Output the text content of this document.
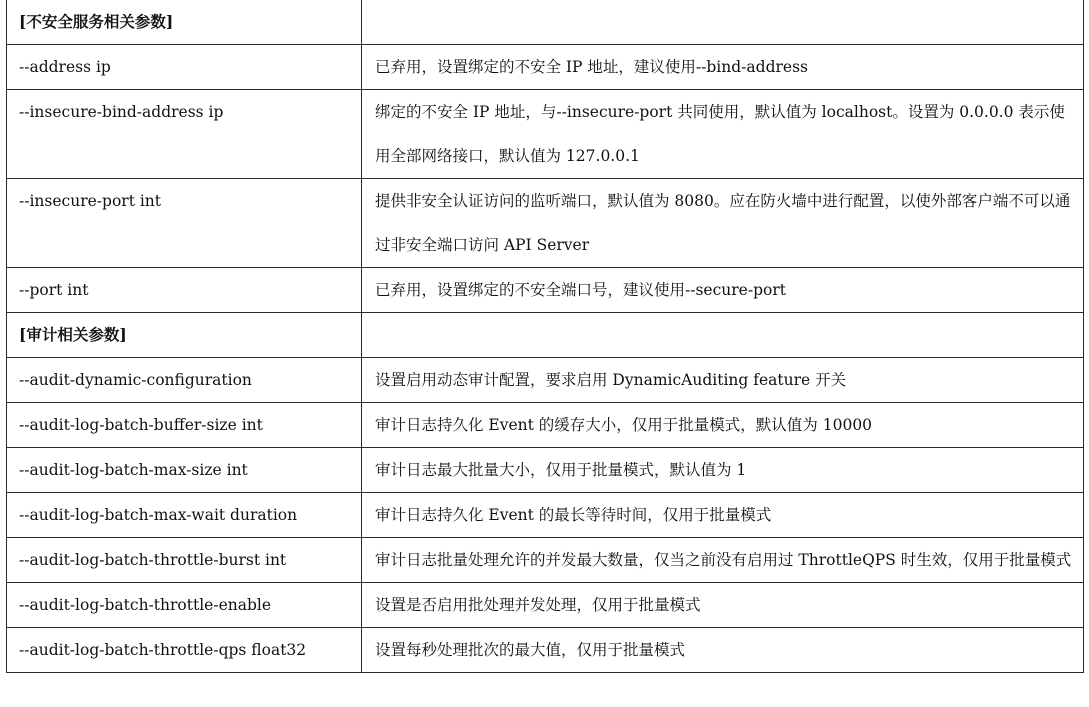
[不安全服务相关参数]	
--address ip	已弃用，设置绑定的不安全 IP 地址，建议使用--bind-address
--insecure-bind-address ip	绑定的不安全 IP 地址，与--insecure-port 共同使用，默认值为 localhost。设置为 0.0.0.0 表示使用全部网络接口，默认值为 127.0.0.1
--insecure-port int	提供非安全认证访问的监听端口，默认值为 8080。应在防火墙中进行配置，以使外部客户端不可以通过非安全端口访问 API Server
--port int	已弃用，设置绑定的不安全端口号，建议使用--secure-port
[审计相关参数]	
--audit-dynamic-configuration	设置启用动态审计配置，要求启用 DynamicAuditing feature 开关
--audit-log-batch-buffer-size int	审计日志持久化 Event 的缓存大小，仅用于批量模式，默认值为 10000
--audit-log-batch-max-size int	审计日志最大批量大小，仅用于批量模式，默认值为 1
--audit-log-batch-max-wait duration	审计日志持久化 Event 的最长等待时间，仅用于批量模式
--audit-log-batch-throttle-burst int	审计日志批量处理允许的并发最大数量，仅当之前没有启用过 ThrottleQPS 时生效，仅用于批量模式
--audit-log-batch-throttle-enable	设置是否启用批处理并发处理，仅用于批量模式
--audit-log-batch-throttle-qps float32	设置每秒处理批次的最大值，仅用于批量模式
